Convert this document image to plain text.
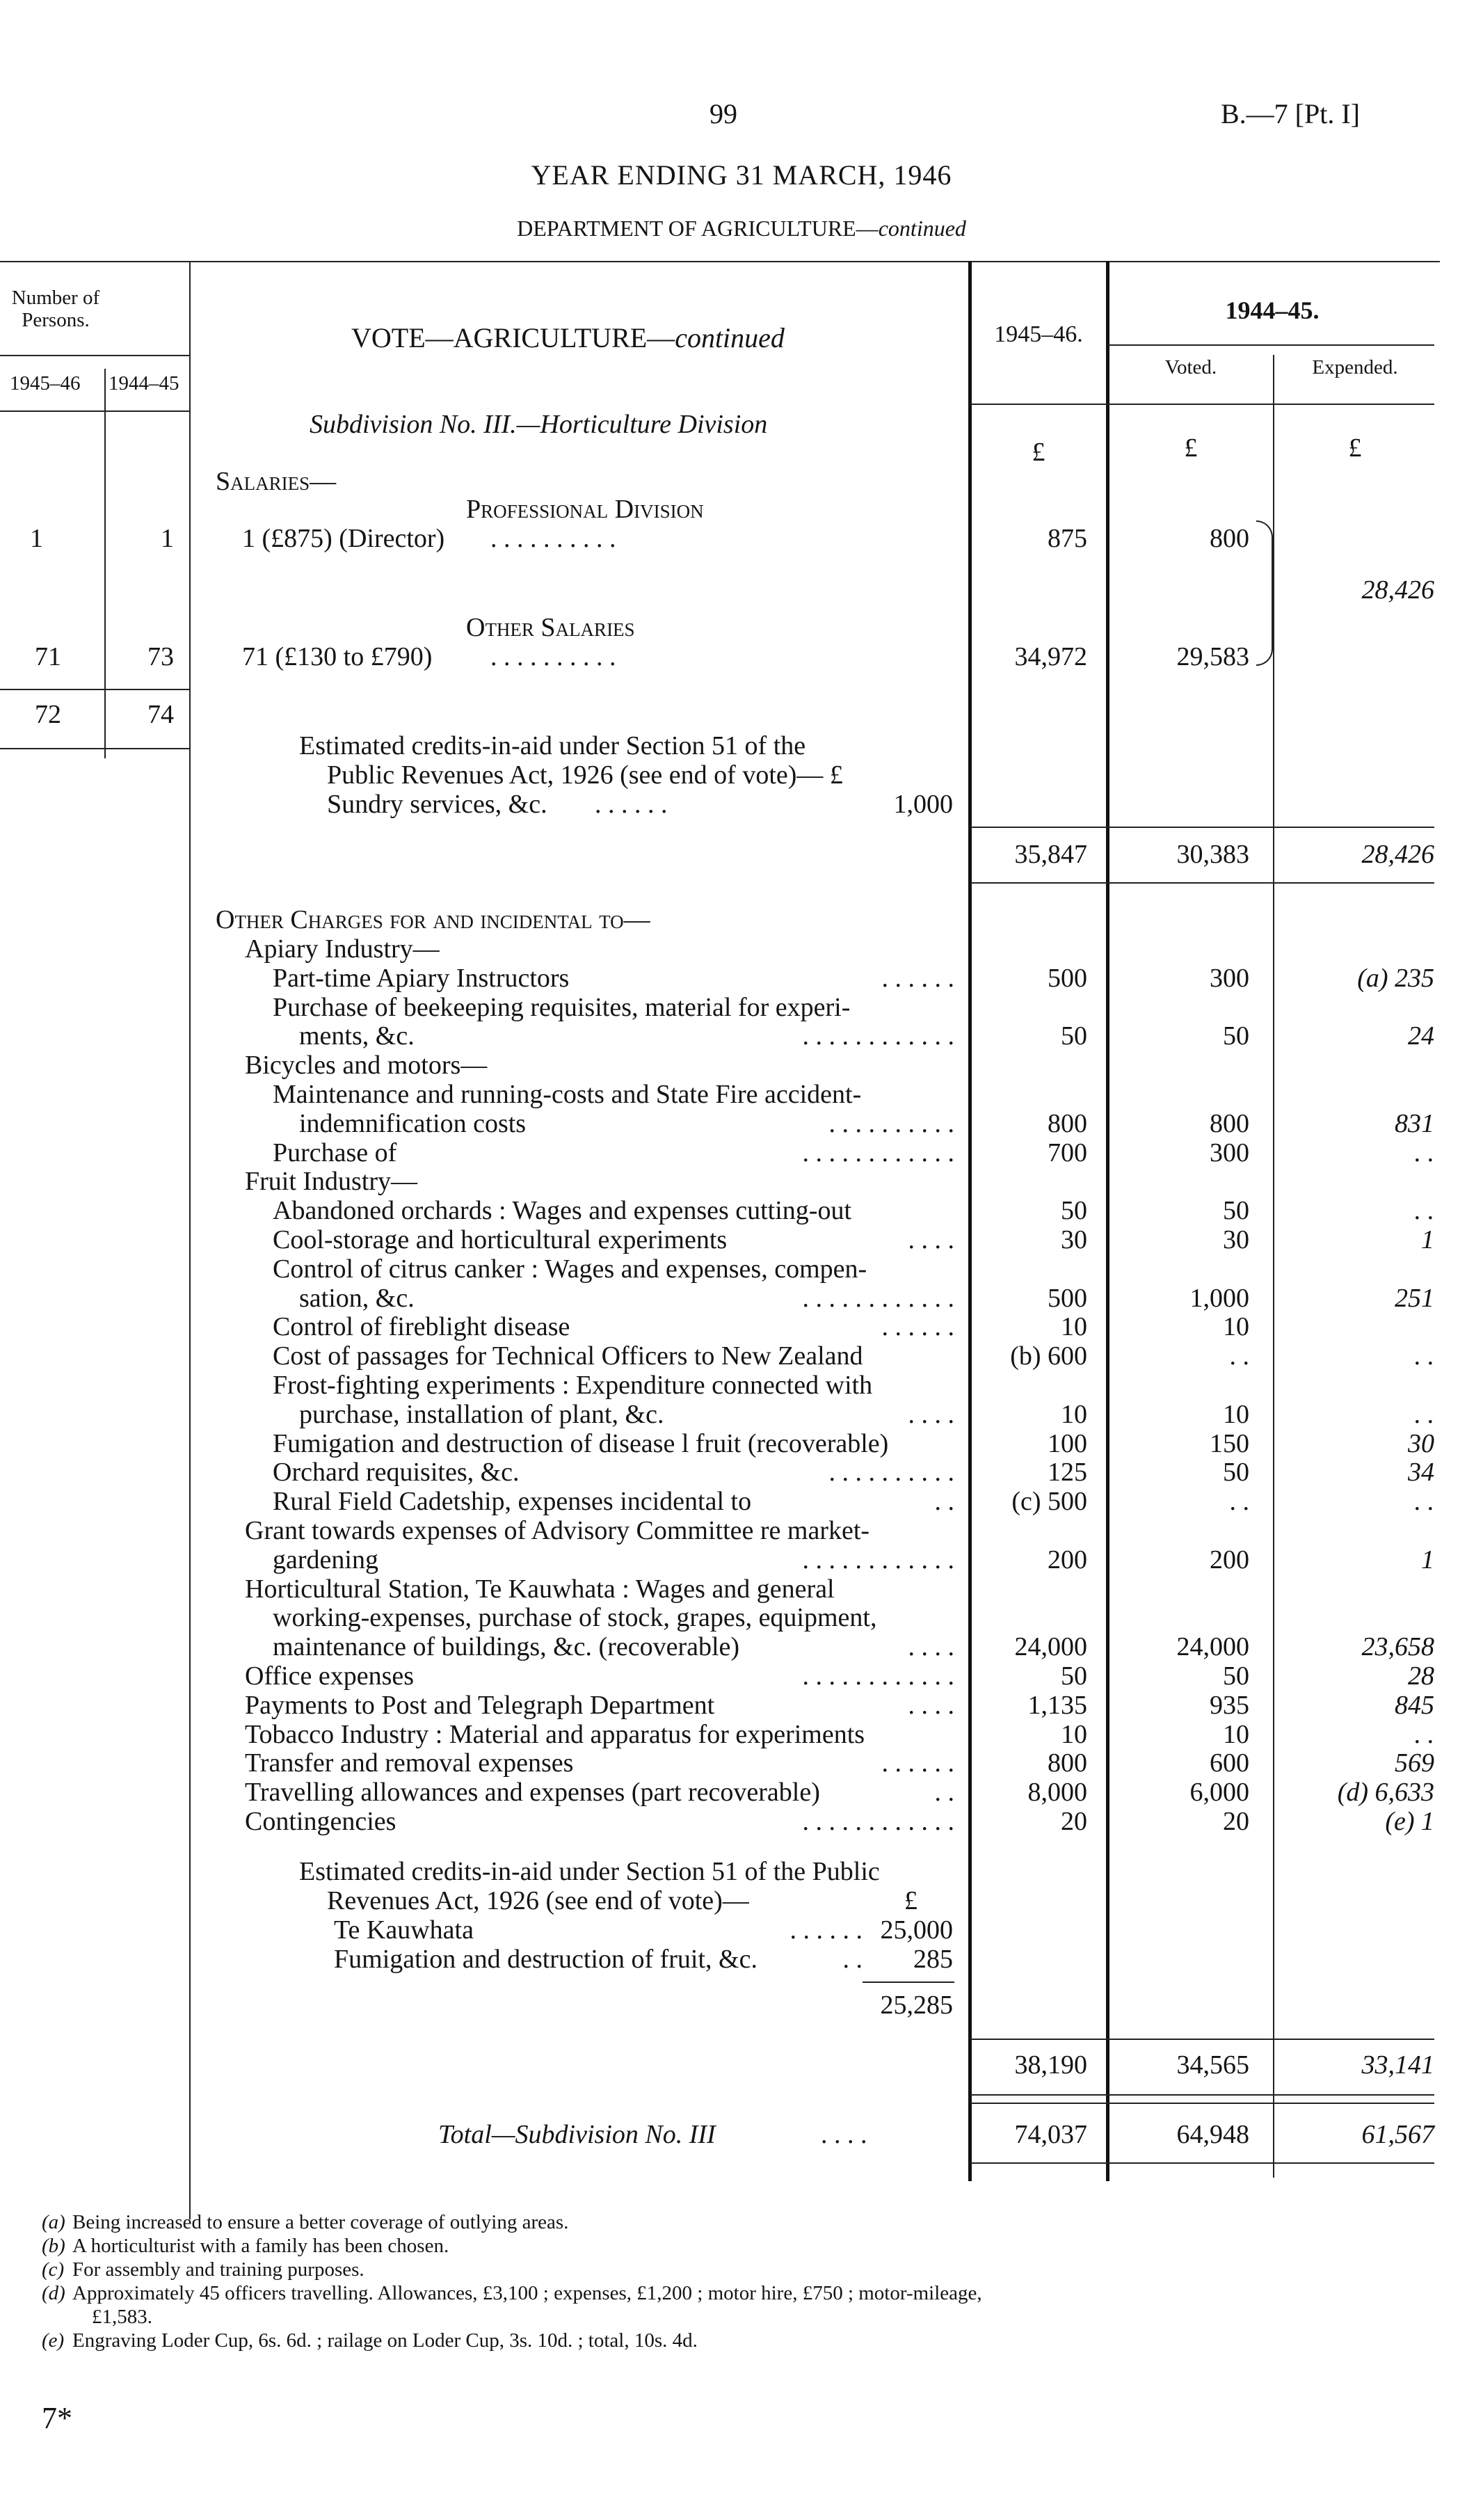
99	B.—7 [Pt. I]
YEAR ENDING 31 MARCH, 1946
DEPARTMENT OF AGRICULTURE—continued
Number of Persons.
1945–46 1944–45
VOTE—AGRICULTURE—continued	1945–46.
1944–45.
Voted.	Expended.
Subdivision No. III.—Horticulture Division
£	£	£
Salaries—
Professional Division
1	1	1 (£875) (Director) . . . . . . . . . .	875	800
28,426
Other Salaries
71	73	71 (£130 to £790) . . . . . . . . . .	34,972	29,583
72	74
Estimated credits-in-aid under Section 51 of the
Public Revenues Act, 1926 (see end of vote)— £
Sundry services, &c. . . . . . .	1,000
35,847	30,383	28,426
Other Charges for and incidental to—
Apiary Industry—
Part-time Apiary Instructors	. . . . . .	500	300	(a) 235
Purchase of beekeeping requisites, material for experi-
ments, &c.	. . . . . . . . . . . .	50	50	24
Bicycles and motors—
Maintenance and running-costs and State Fire accident-
indemnification costs	. . . . . . . . . .	800	800	831
Purchase of	. . . . . . . . . . . .	700	300	. .
Fruit Industry—
Abandoned orchards : Wages and expenses cutting-out	50	50	. .
Cool-storage and horticultural experiments	. . . .	30	30	1
Control of citrus canker : Wages and expenses, compen-
sation, &c.	. . . . . . . . . . . .	500	1,000	251
Control of fireblight disease	. . . . . .	10	10
Cost of passages for Technical Officers to New Zealand	(b) 600	. .	. .
Frost-fighting experiments : Expenditure connected with
purchase, installation of plant, &c.	. . . .	10	10	. .
Fumigation and destruction of disease l fruit (recoverable)	100	150	30
Orchard requisites, &c.	. . . . . . . . . .	125	50	34
Rural Field Cadetship, expenses incidental to	. .	(c) 500	. .	. .
Grant towards expenses of Advisory Committee re market-
gardening	. . . . . . . . . . . .	200	200	1
Horticultural Station, Te Kauwhata : Wages and general
working-expenses, purchase of stock, grapes, equipment,
maintenance of buildings, &c. (recoverable)	. . . .	24,000	24,000	23,658
Office expenses	. . . . . . . . . . . .	50	50	28
Payments to Post and Telegraph Department	. . . .	1,135	935	845
Tobacco Industry : Material and apparatus for experiments	10	10	. .
Transfer and removal expenses	. . . . . .	800	600	569
Travelling allowances and expenses (part recoverable)	. .	8,000	6,000	(d) 6,633
Contingencies	. . . . . . . . . . . .	20	20	(e) 1
Estimated credits-in-aid under Section 51 of the Public
Revenues Act, 1926 (see end of vote)—	£
Te Kauwhata	. . . . . . 25,000
Fumigation and destruction of fruit, &c.	. .	285
25,285
38,190	34,565	33,141
Total—Subdivision No. III	. . . .	74,037	64,948	61,567
(a) Being increased to ensure a better coverage of outlying areas.
(b) A horticulturist with a family has been chosen.
(c) For assembly and training purposes.
(d) Approximately 45 officers travelling. Allowances, £3,100 ; expenses, £1,200 ; motor hire, £750 ; motor-mileage,
£1,583.
(e) Engraving Loder Cup, 6s. 6d. ; railage on Loder Cup, 3s. 10d. ; total, 10s. 4d.
7*
